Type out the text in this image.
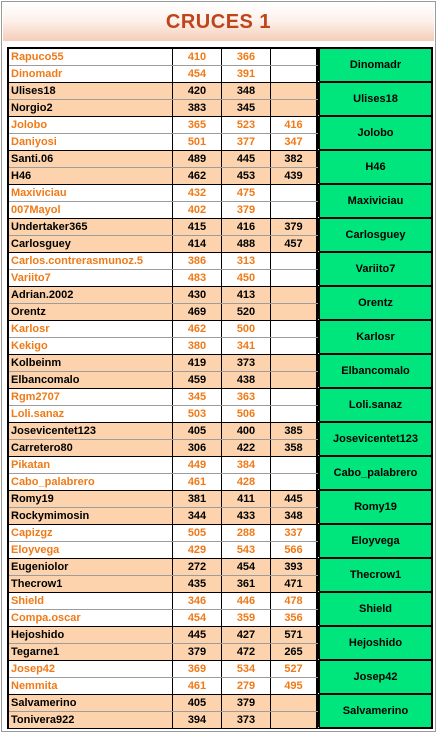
CRUCES 1
Rapuco55	410	366
Dinomadr	454	391
Dinomadr
Ulises18	420	348
Norgio2	383	345
Ulises18
Jolobo	365	523	416
Daniyosi	501	377	347
Jolobo
Santi.06	489	445	382
H46	462	453	439
H46
Maxiviciau	432	475
007Mayol	402	379
Maxiviciau
Undertaker365	415	416	379
Carlosguey	414	488	457
Carlosguey
Carlos.contrerasmunoz.5	386	313
Variito7	483	450
Variito7
Adrian.2002	430	413
Orentz	469	520
Orentz
Karlosr	462	500
Kekigo	380	341
Karlosr
Kolbeinm	419	373
Elbancomalo	459	438
Elbancomalo
Rgm2707	345	363
Loli.sanaz	503	506
Loli.sanaz
Josevicentet123	405	400	385
Carretero80	306	422	358
Josevicentet123
Pikatan	449	384
Cabo_palabrero	461	428
Cabo_palabrero
Romy19	381	411	445
Rockymimosin	344	433	348
Romy19
Capizgz	505	288	337
Eloyvega	429	543	566
Eloyvega
Eugeniolor	272	454	393
Thecrow1	435	361	471
Thecrow1
Shield	346	446	478
Compa.oscar	454	359	356
Shield
Hejoshido	445	427	571
Tegarne1	379	472	265
Hejoshido
Josep42	369	534	527
Nemmita	461	279	495
Josep42
Salvamerino	405	379
Tonivera922	394	373
Salvamerino
